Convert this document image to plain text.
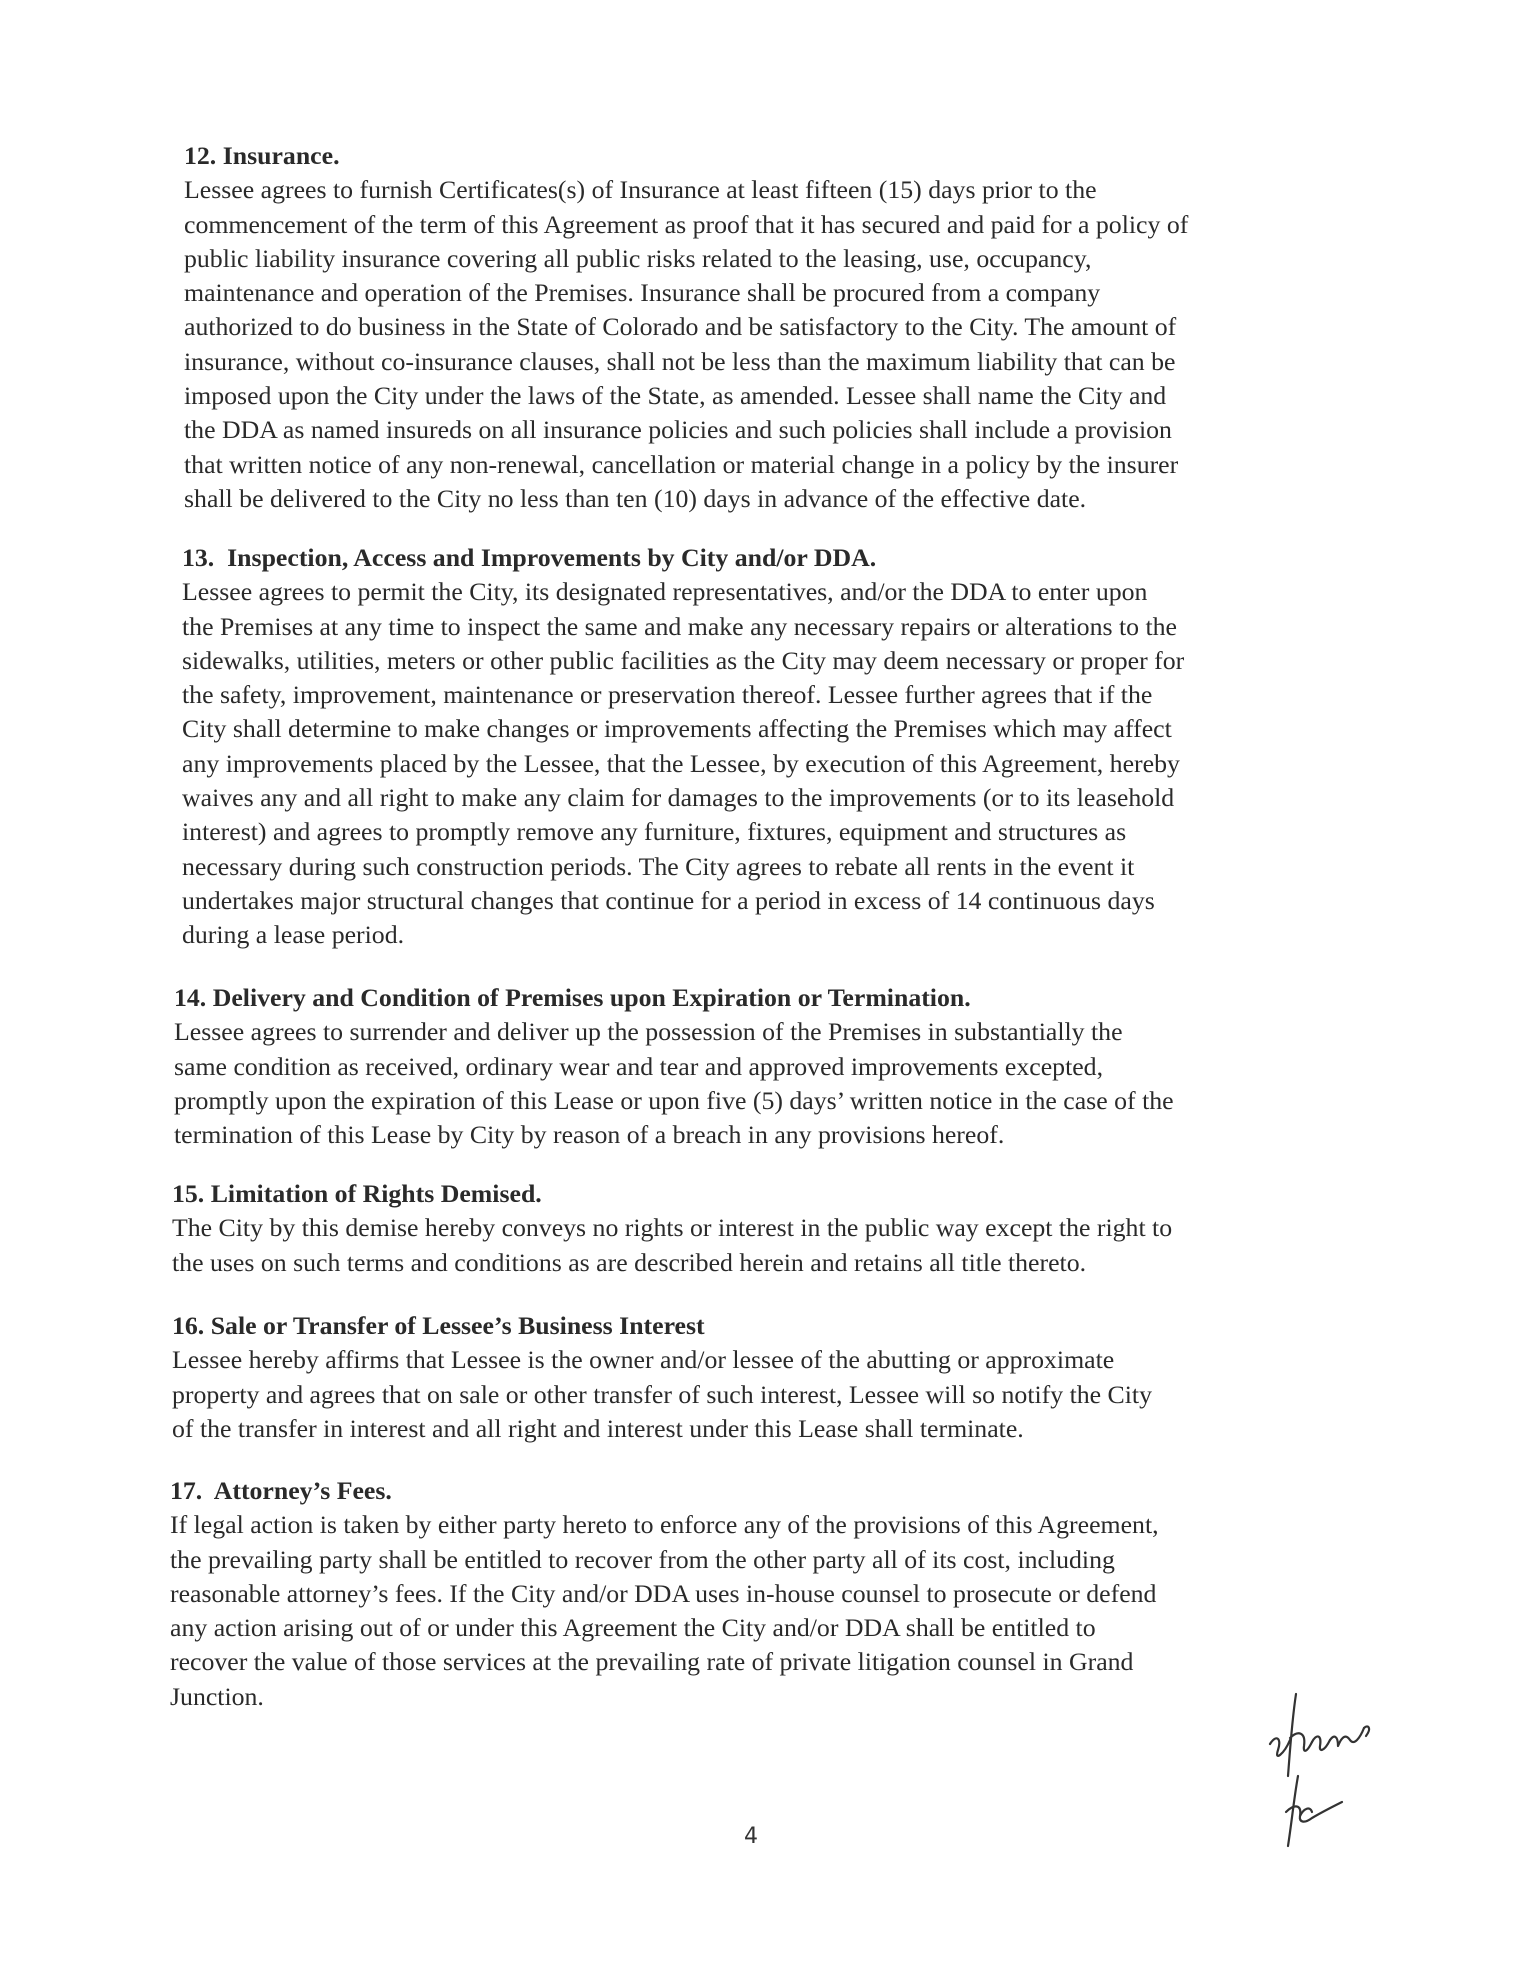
12. Insurance.
Lessee agrees to furnish Certificates(s) of Insurance at least fifteen (15) days prior to the
commencement of the term of this Agreement as proof that it has secured and paid for a policy of
public liability insurance covering all public risks related to the leasing, use, occupancy,
maintenance and operation of the Premises. Insurance shall be procured from a company
authorized to do business in the State of Colorado and be satisfactory to the City. The amount of
insurance, without co-insurance clauses, shall not be less than the maximum liability that can be
imposed upon the City under the laws of the State, as amended. Lessee shall name the City and
the DDA as named insureds on all insurance policies and such policies shall include a provision
that written notice of any non-renewal, cancellation or material change in a policy by the insurer
shall be delivered to the City no less than ten (10) days in advance of the effective date.
13.  Inspection, Access and Improvements by City and/or DDA.
Lessee agrees to permit the City, its designated representatives, and/or the DDA to enter upon
the Premises at any time to inspect the same and make any necessary repairs or alterations to the
sidewalks, utilities, meters or other public facilities as the City may deem necessary or proper for
the safety, improvement, maintenance or preservation thereof. Lessee further agrees that if the
City shall determine to make changes or improvements affecting the Premises which may affect
any improvements placed by the Lessee, that the Lessee, by execution of this Agreement, hereby
waives any and all right to make any claim for damages to the improvements (or to its leasehold
interest) and agrees to promptly remove any furniture, fixtures, equipment and structures as
necessary during such construction periods. The City agrees to rebate all rents in the event it
undertakes major structural changes that continue for a period in excess of 14 continuous days
during a lease period.
14. Delivery and Condition of Premises upon Expiration or Termination.
Lessee agrees to surrender and deliver up the possession of the Premises in substantially the
same condition as received, ordinary wear and tear and approved improvements excepted,
promptly upon the expiration of this Lease or upon five (5) days’ written notice in the case of the
termination of this Lease by City by reason of a breach in any provisions hereof.
15. Limitation of Rights Demised.
The City by this demise hereby conveys no rights or interest in the public way except the right to
the uses on such terms and conditions as are described herein and retains all title thereto.
16. Sale or Transfer of Lessee’s Business Interest
Lessee hereby affirms that Lessee is the owner and/or lessee of the abutting or approximate
property and agrees that on sale or other transfer of such interest, Lessee will so notify the City
of the transfer in interest and all right and interest under this Lease shall terminate.
17.  Attorney’s Fees.
If legal action is taken by either party hereto to enforce any of the provisions of this Agreement,
the prevailing party shall be entitled to recover from the other party all of its cost, including
reasonable attorney’s fees. If the City and/or DDA uses in-house counsel to prosecute or defend
any action arising out of or under this Agreement the City and/or DDA shall be entitled to
recover the value of those services at the prevailing rate of private litigation counsel in Grand
Junction.
4
